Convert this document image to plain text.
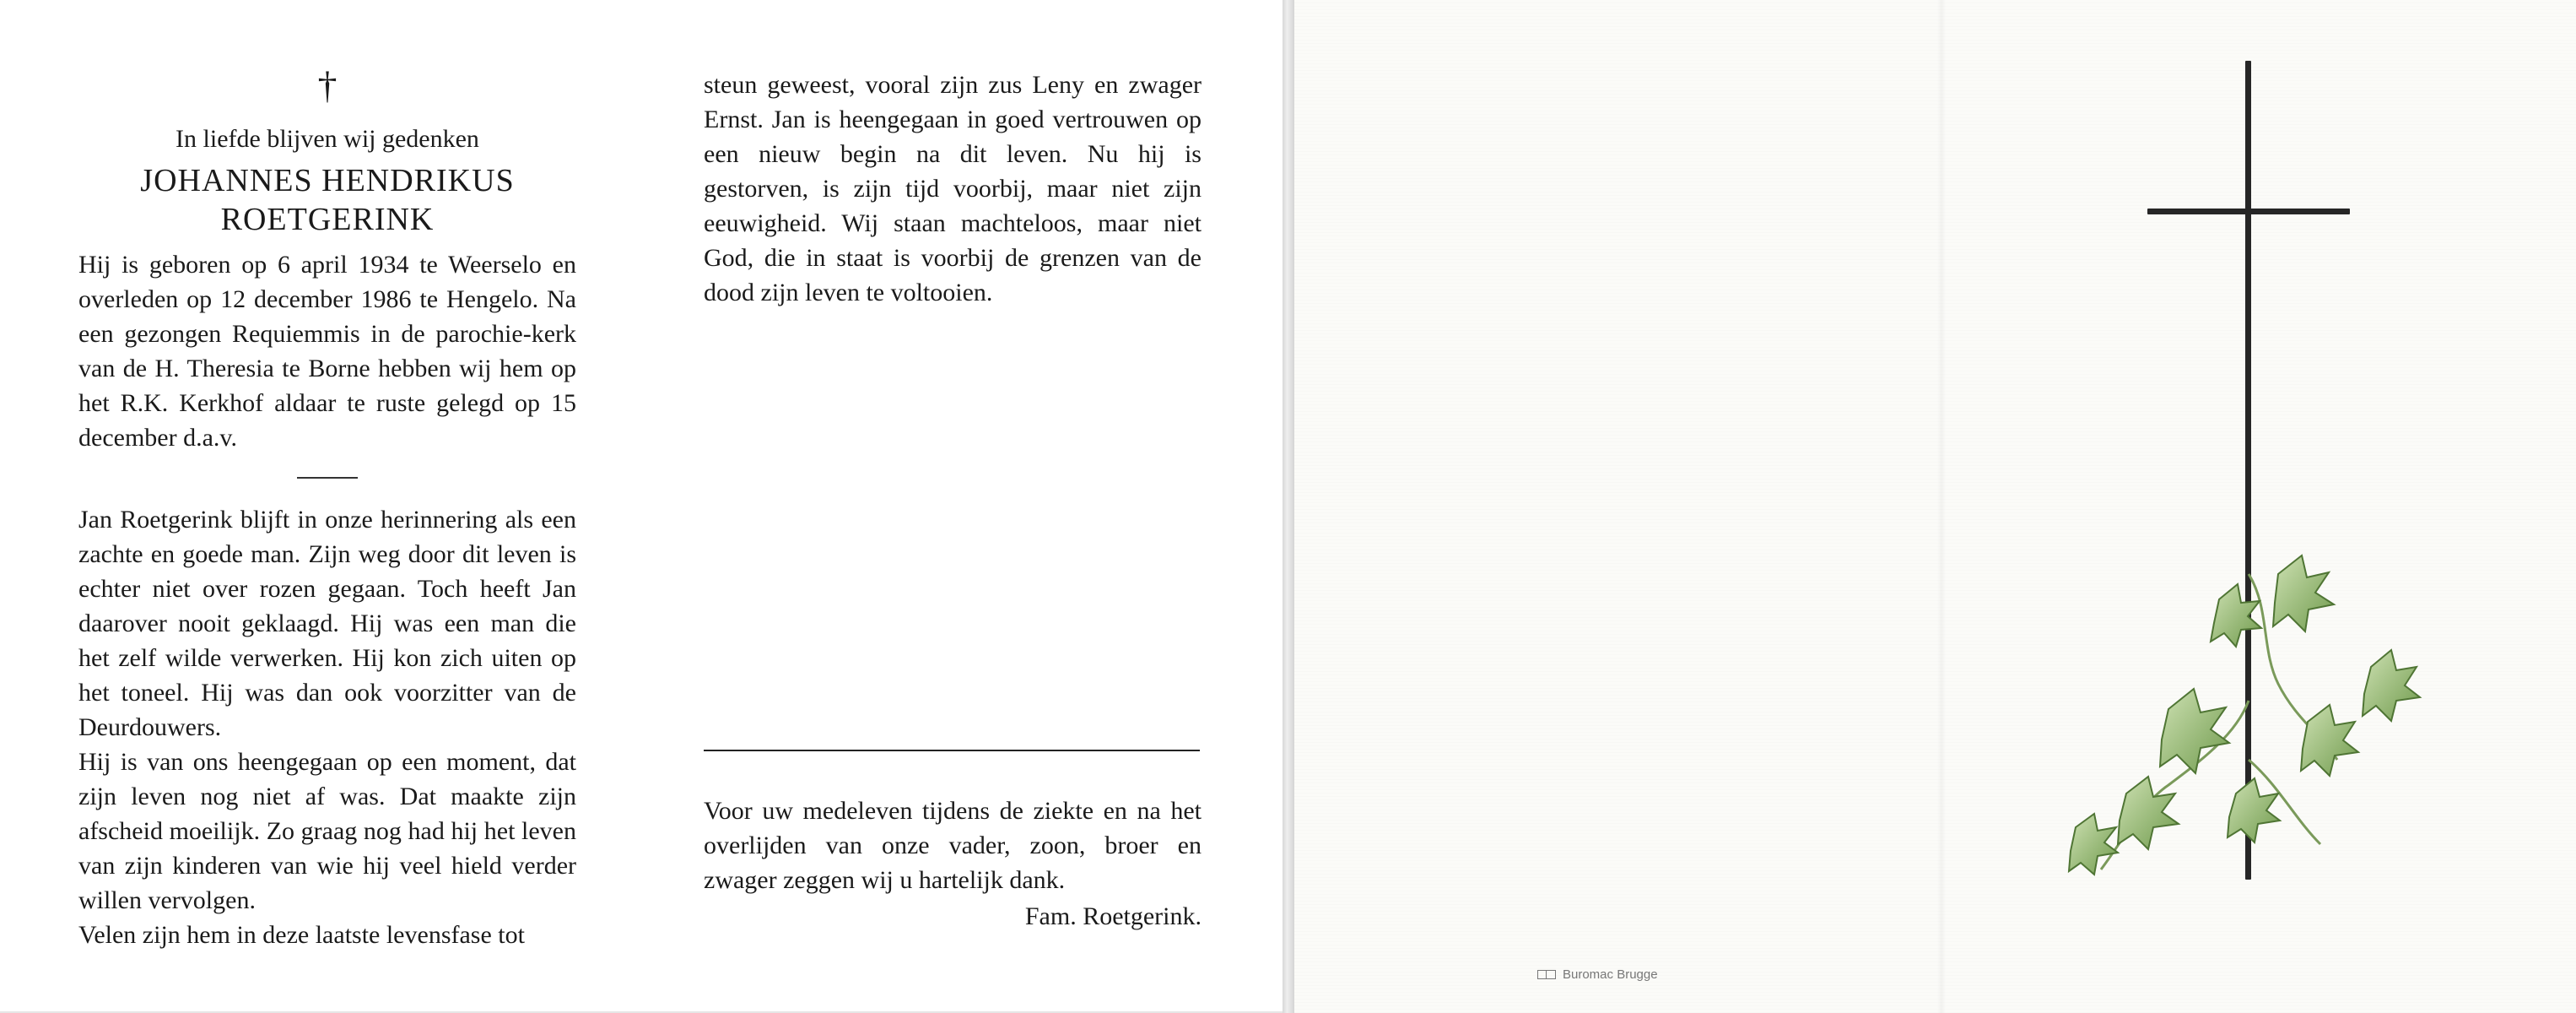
†
In liefde blijven wij gedenken
JOHANNES HENDRIKUS
ROETGERINK

Hij is geboren op 6 april 1934 te Weerselo en overleden op 12 december 1986 te Hengelo. Na een gezongen Requiemmis in de parochie-kerk van de H. Theresia te Borne hebben wij hem op het R.K. Kerkhof aldaar te ruste gelegd op 15 december d.a.v.

Jan Roetgerink blijft in onze herinnering als een zachte en goede man. Zijn weg door dit leven is echter niet over rozen gegaan. Toch heeft Jan daarover nooit geklaagd. Hij was een man die het zelf wilde verwerken. Hij kon zich uiten op het toneel. Hij was dan ook voorzitter van de Deurdouwers.

Hij is van ons heengegaan op een moment, dat zijn leven nog niet af was. Dat maakte zijn afscheid moeilijk. Zo graag nog had hij het leven van zijn kinderen van wie hij veel hield verder willen vervolgen.

Velen zijn hem in deze laatste levensfase tot

steun geweest, vooral zijn zus Leny en zwager Ernst. Jan is heengegaan in goed vertrouwen op een nieuw begin na dit leven. Nu hij is gestorven, is zijn tijd voorbij, maar niet zijn eeuwigheid. Wij staan machteloos, maar niet God, die in staat is voorbij de grenzen van de dood zijn leven te voltooien.

Voor uw medeleven tijdens de ziekte en na het overlijden van onze vader, zoon, broer en zwager zeggen wij u hartelijk dank.

Fam. Roetgerink.

Buromac Brugge
